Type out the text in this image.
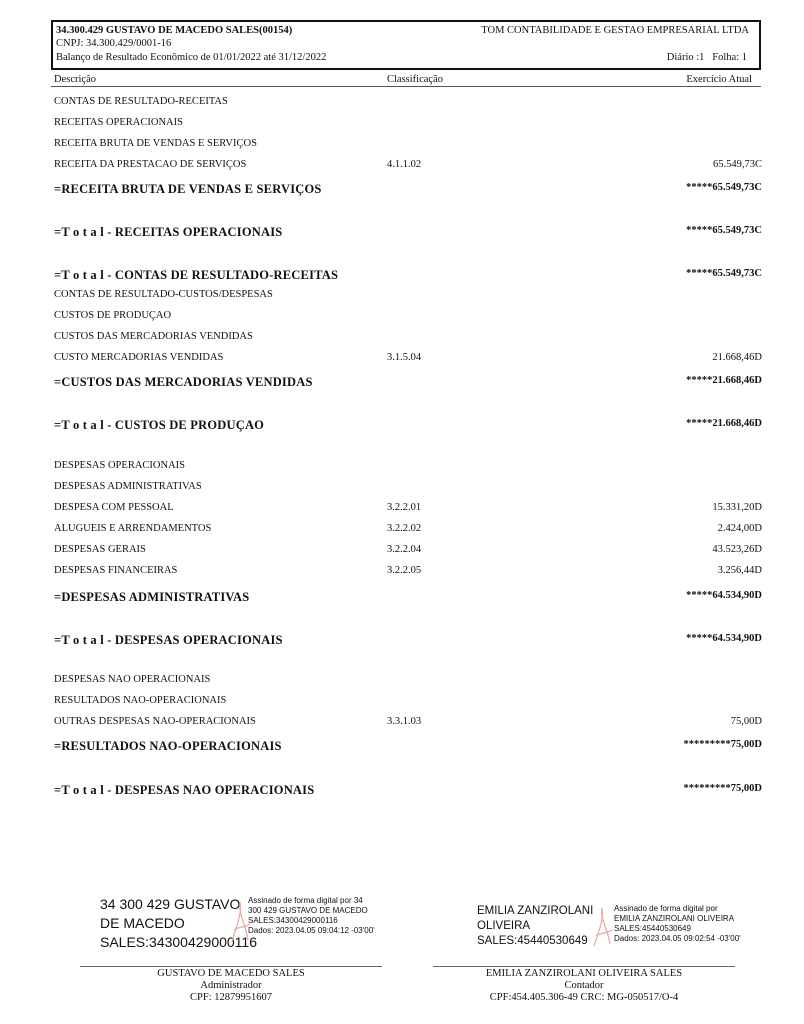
34.300.429 GUSTAVO DE MACEDO SALES(00154)
CNPJ: 34.300.429/0001-16
Balanço de Resultado Econômico de 01/01/2022 até 31/12/2022
TOM CONTABILIDADE E GESTAO EMPRESARIAL LTDA
Diário :1 Folha: 1
Descrição	Classificação	Exercício Atual
CONTAS DE RESULTADO-RECEITAS
RECEITAS OPERACIONAIS
RECEITA BRUTA DE VENDAS E SERVIÇOS
RECEITA DA PRESTACAO DE SERVIÇOS	4.1.1.02	65.549,73C
=RECEITA BRUTA DE VENDAS E SERVIÇOS	*****65.549,73C
=T o t a l - RECEITAS OPERACIONAIS	*****65.549,73C
=T o t a l - CONTAS DE RESULTADO-RECEITAS	*****65.549,73C
CONTAS DE RESULTADO-CUSTOS/DESPESAS
CUSTOS DE PRODUÇAO
CUSTOS DAS MERCADORIAS VENDIDAS
CUSTO MERCADORIAS VENDIDAS	3.1.5.04	21.668,46D
=CUSTOS DAS MERCADORIAS VENDIDAS	*****21.668,46D
=T o t a l - CUSTOS DE PRODUÇAO	*****21.668,46D
DESPESAS OPERACIONAIS
DESPESAS ADMINISTRATIVAS
DESPESA COM PESSOAL	3.2.2.01	15.331,20D
ALUGUEIS E ARRENDAMENTOS	3.2.2.02	2.424,00D
DESPESAS GERAIS	3.2.2.04	43.523,26D
DESPESAS FINANCEIRAS	3.2.2.05	3.256,44D
=DESPESAS ADMINISTRATIVAS	*****64.534,90D
=T o t a l - DESPESAS OPERACIONAIS	*****64.534,90D
DESPESAS NAO OPERACIONAIS
RESULTADOS NAO-OPERACIONAIS
OUTRAS DESPESAS NAO-OPERACIONAIS	3.3.1.03	75,00D
=RESULTADOS NAO-OPERACIONAIS	*********75,00D
=T o t a l - DESPESAS NAO OPERACIONAIS	*********75,00D
34 300 429 GUSTAVO
DE MACEDO
SALES:34300429000116
Assinado de forma digital por 34
300 429 GUSTAVO DE MACEDO
SALES:34300429000116
Dados: 2023.04.05 09:04:12 -03'00'
EMILIA ZANZIROLANI
OLIVEIRA
SALES:45440530649
Assinado de forma digital por
EMILIA ZANZIROLANI OLIVEIRA
SALES:45440530649
Dados: 2023.04.05 09:02:54 -03'00'
GUSTAVO DE MACEDO SALES
Administrador
CPF: 12879951607
EMILIA ZANZIROLANI OLIVEIRA SALES
Contador
CPF:454.405.306-49 CRC: MG-050517/O-4
